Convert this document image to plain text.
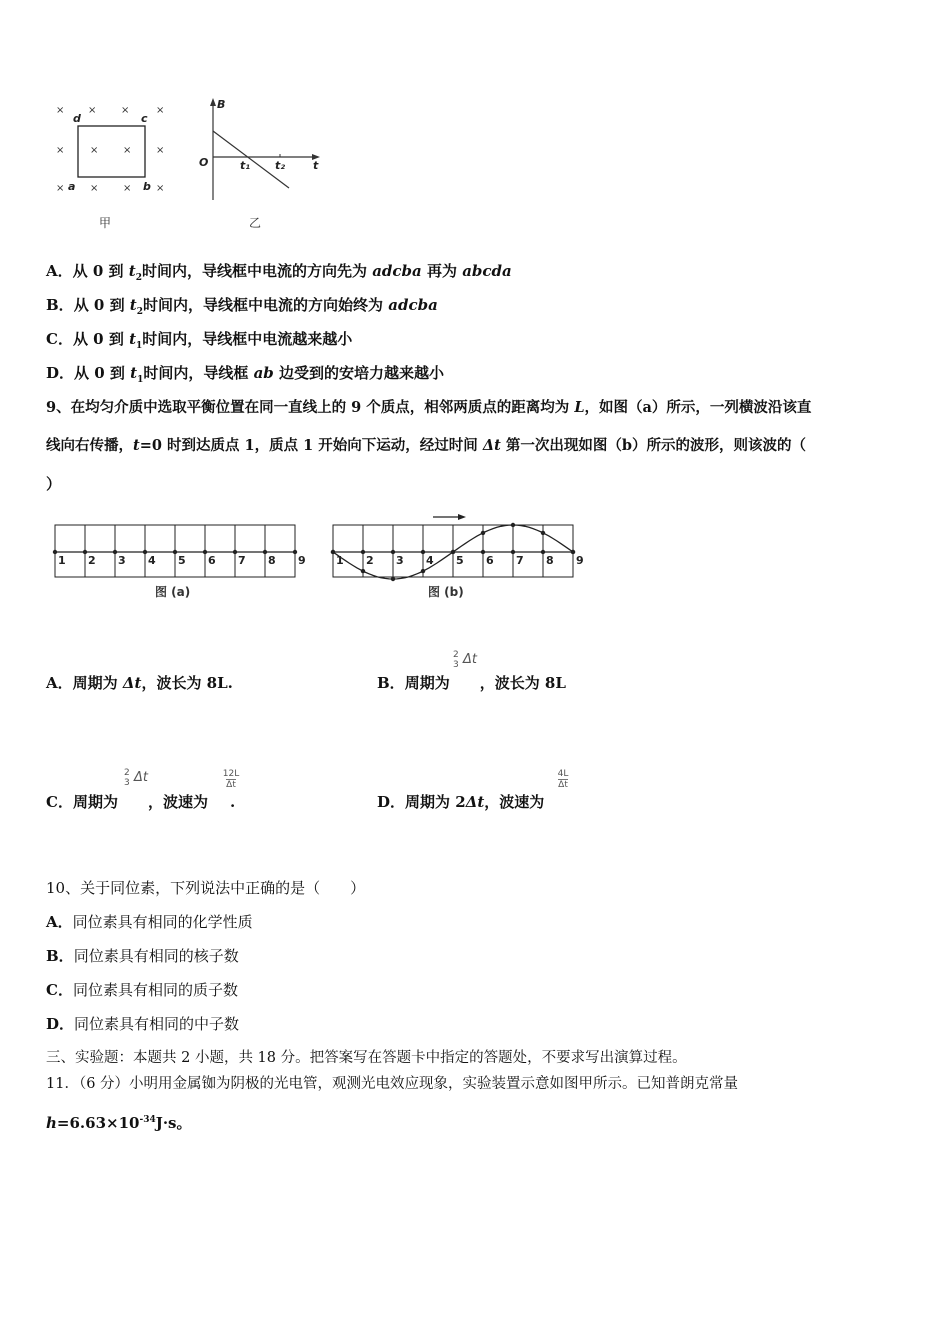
× × ×	×
×	× × ×
×	× × ×
d	c
a	b
甲
B
t
O	t₁ t₂
乙
A．从 0 到 $t_2$时间内，导线框中电流的方向先为 adcba 再为 abcda
B．从 0 到 $t_2$时间内，导线框中电流的方向始终为 adcba
C．从 0 到 $t_1$时间内，导线框中电流越来越小
D．从 0 到 $t_1$时间内，导线框 ab 边受到的安培力越来越小
9、在均匀介质中选取平衡位置在同一直线上的 9 个质点，相邻两质点的距离均为 L，如图（a）所示，一列横波沿该直
线向右传播，t=0 时到达质点 1，质点 1 开始向下运动，经过时间 Δt 第一次出现如图（b）所示的波形，则该波的（
）
1 2 3 4 5 6 7 8 9
图 (a)
1 2 3 4 5 6 7 8 9
图 (b)
A．周期为 Δt，波长为 8L.	B．周期为 ，波长为 8L
2
3 Δt
C．周期为 ，波速为 .
2
3 Δt	$\frac{12L}{\Delta t}$
D．周期为 2Δt，波速为
$\frac{4L}{\Delta t}$
10、关于同位素，下列说法中正确的是（　　）
A．同位素具有相同的化学性质
B．同位素具有相同的核子数
C．同位素具有相同的质子数
D．同位素具有相同的中子数
三、实验题：本题共 2 小题，共 18 分。把答案写在答题卡中指定的答题处，不要求写出演算过程。
11．（6 分）小明用金属铷为阴极的光电管，观测光电效应现象，实验装置示意如图甲所示。已知普朗克常量
$h=6.63\times 10^{-34}J\cdot s$。
